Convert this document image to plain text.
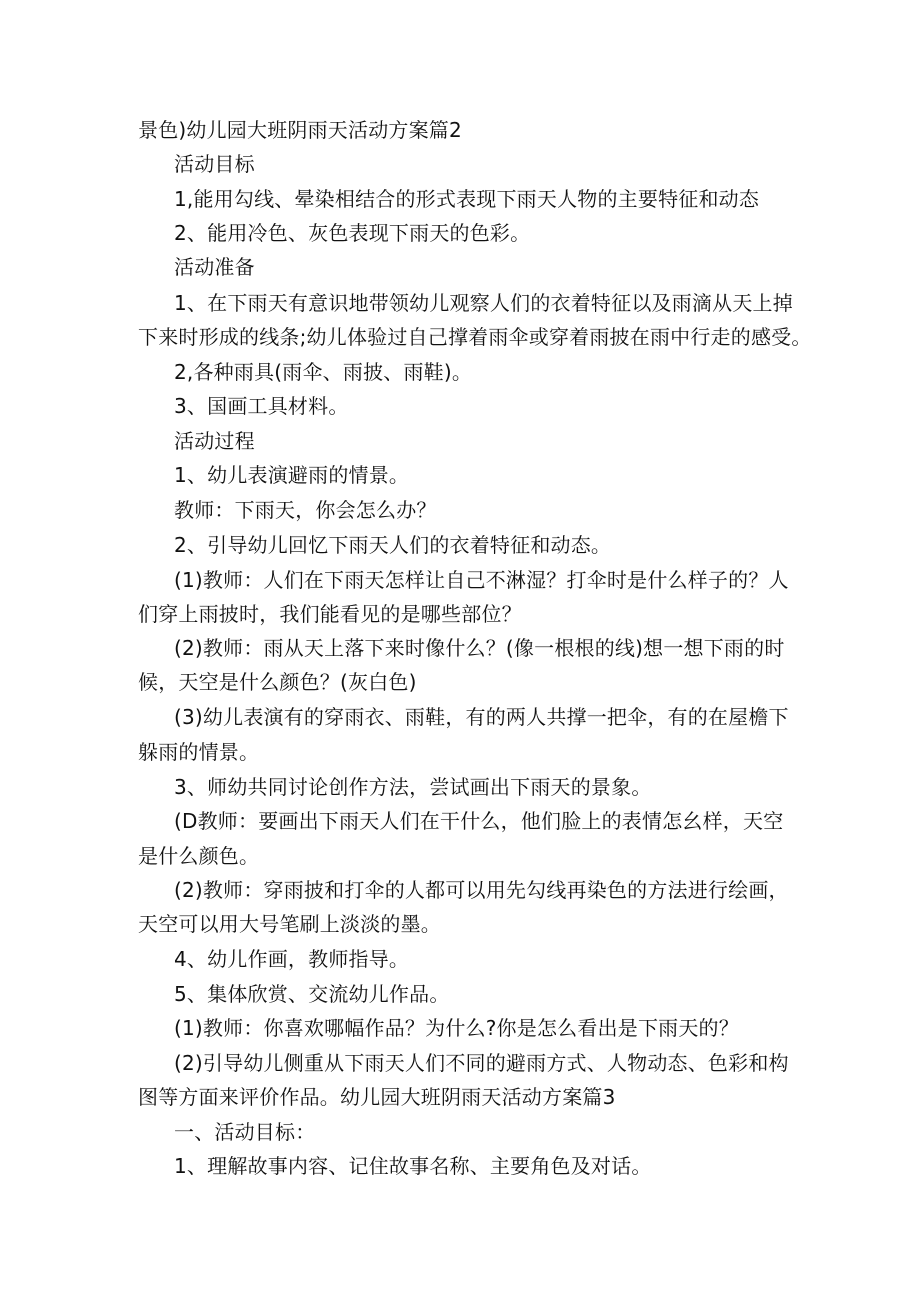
景色)幼儿园大班阴雨天活动方案篇2
活动目标
1,能用勾线、晕染相结合的形式表现下雨天人物的主要特征和动态
2、能用冷色、灰色表现下雨天的色彩。
活动准备
1、在下雨天有意识地带领幼儿观察人们的衣着特征以及雨滴从天上掉
下来时形成的线条;幼儿体验过自己撑着雨伞或穿着雨披在雨中行走的感受。
2,各种雨具(雨伞、雨披、雨鞋)。
3、国画工具材料。
活动过程
1、幼儿表演避雨的情景。
教师：下雨天，你会怎么办？
2、引导幼儿回忆下雨天人们的衣着特征和动态。
(1)教师：人们在下雨天怎样让自己不淋湿？打伞时是什么样子的？人
们穿上雨披时，我们能看见的是哪些部位？
(2)教师：雨从天上落下来时像什么？(像一根根的线)想一想下雨的时
候，天空是什么颜色？(灰白色)
(3)幼儿表演有的穿雨衣、雨鞋，有的两人共撑一把伞，有的在屋檐下
躲雨的情景。
3、师幼共同讨论创作方法，尝试画出下雨天的景象。
(D教师：要画出下雨天人们在干什么，他们脸上的表情怎幺样，天空
是什么颜色。
(2)教师：穿雨披和打伞的人都可以用先勾线再染色的方法进行绘画，
天空可以用大号笔刷上淡淡的墨。
4、幼儿作画，教师指导。
5、集体欣赏、交流幼儿作品。
(1)教师：你喜欢哪幅作品？为什么?你是怎么看出是下雨天的？
(2)引导幼儿侧重从下雨天人们不同的避雨方式、人物动态、色彩和构
图等方面来评价作品。幼儿园大班阴雨天活动方案篇3
一、活动目标：
1、理解故事内容、记住故事名称、主要角色及对话。
